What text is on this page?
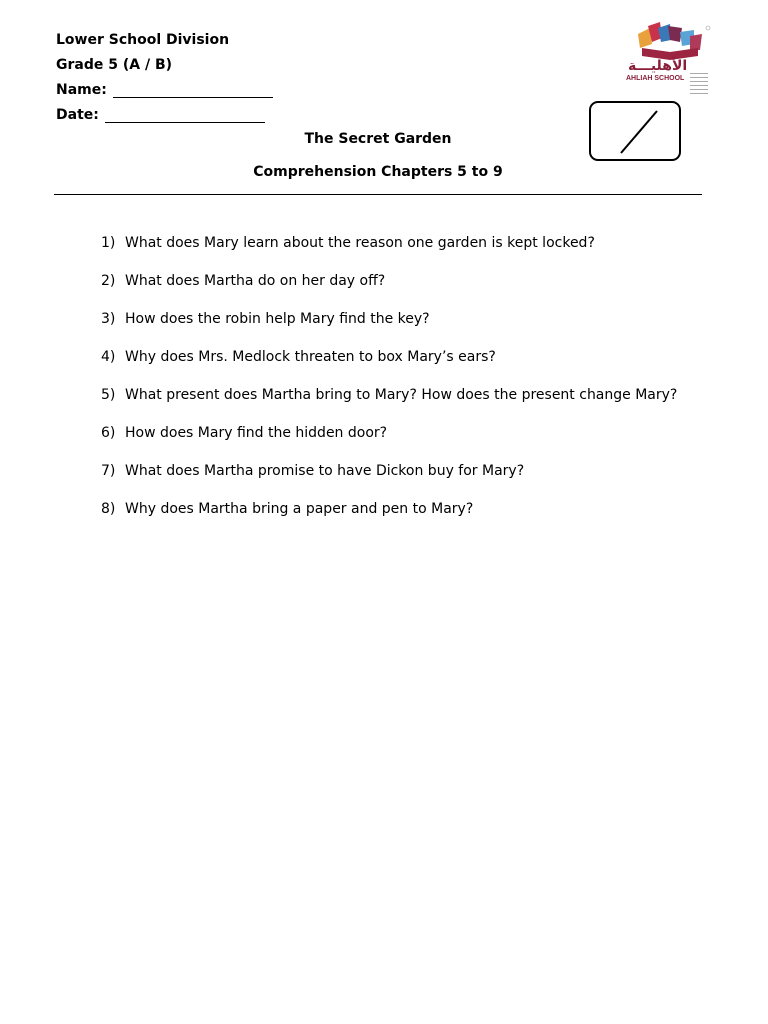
Lower School Division
Grade 5 (A / B)
Name:
Date:
The Secret Garden
Comprehension Chapters 5 to 9
الأهليـــة
AHLIAH SCHOOL
1) What does Mary learn about the reason one garden is kept locked?
2) What does Martha do on her day off?
3) How does the robin help Mary find the key?
4) Why does Mrs. Medlock threaten to box Mary’s ears?
5) What present does Martha bring to Mary? How does the present change Mary?
6) How does Mary find the hidden door?
7) What does Martha promise to have Dickon buy for Mary?
8) Why does Martha bring a paper and pen to Mary?
